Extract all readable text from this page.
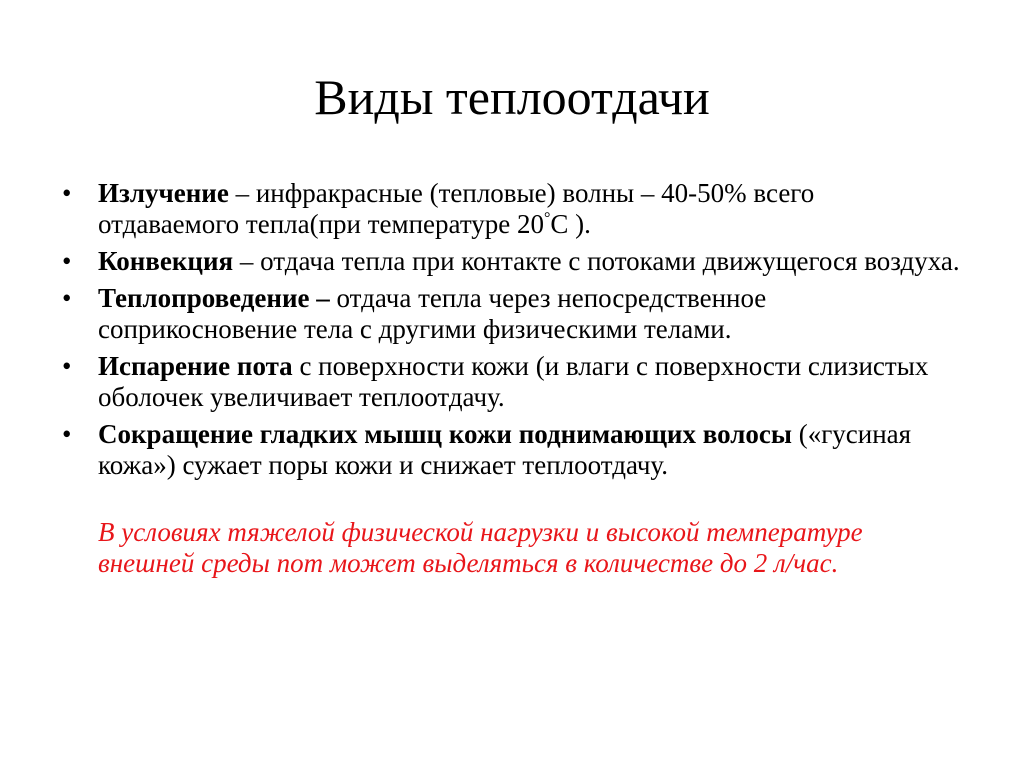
Виды теплоотдачи
• Излучение – инфракрасные (тепловые) волны – 40-50% всего отдаваемого тепла(при температуре 20°C ).
• Конвекция – отдача тепла при контакте с потоками движущегося воздуха.
• Теплопроведение – отдача тепла через непосредственное соприкосновение тела с другими физическими телами.
• Испарение пота с поверхности кожи (и влаги с поверхности слизистых оболочек увеличивает теплоотдачу.
• Сокращение гладких мышц кожи поднимающих волосы («гусиная кожа») сужает поры кожи и снижает теплоотдачу.
В условиях тяжелой физической нагрузки и высокой температуре внешней среды пот может выделяться в количестве до 2 л/час.
